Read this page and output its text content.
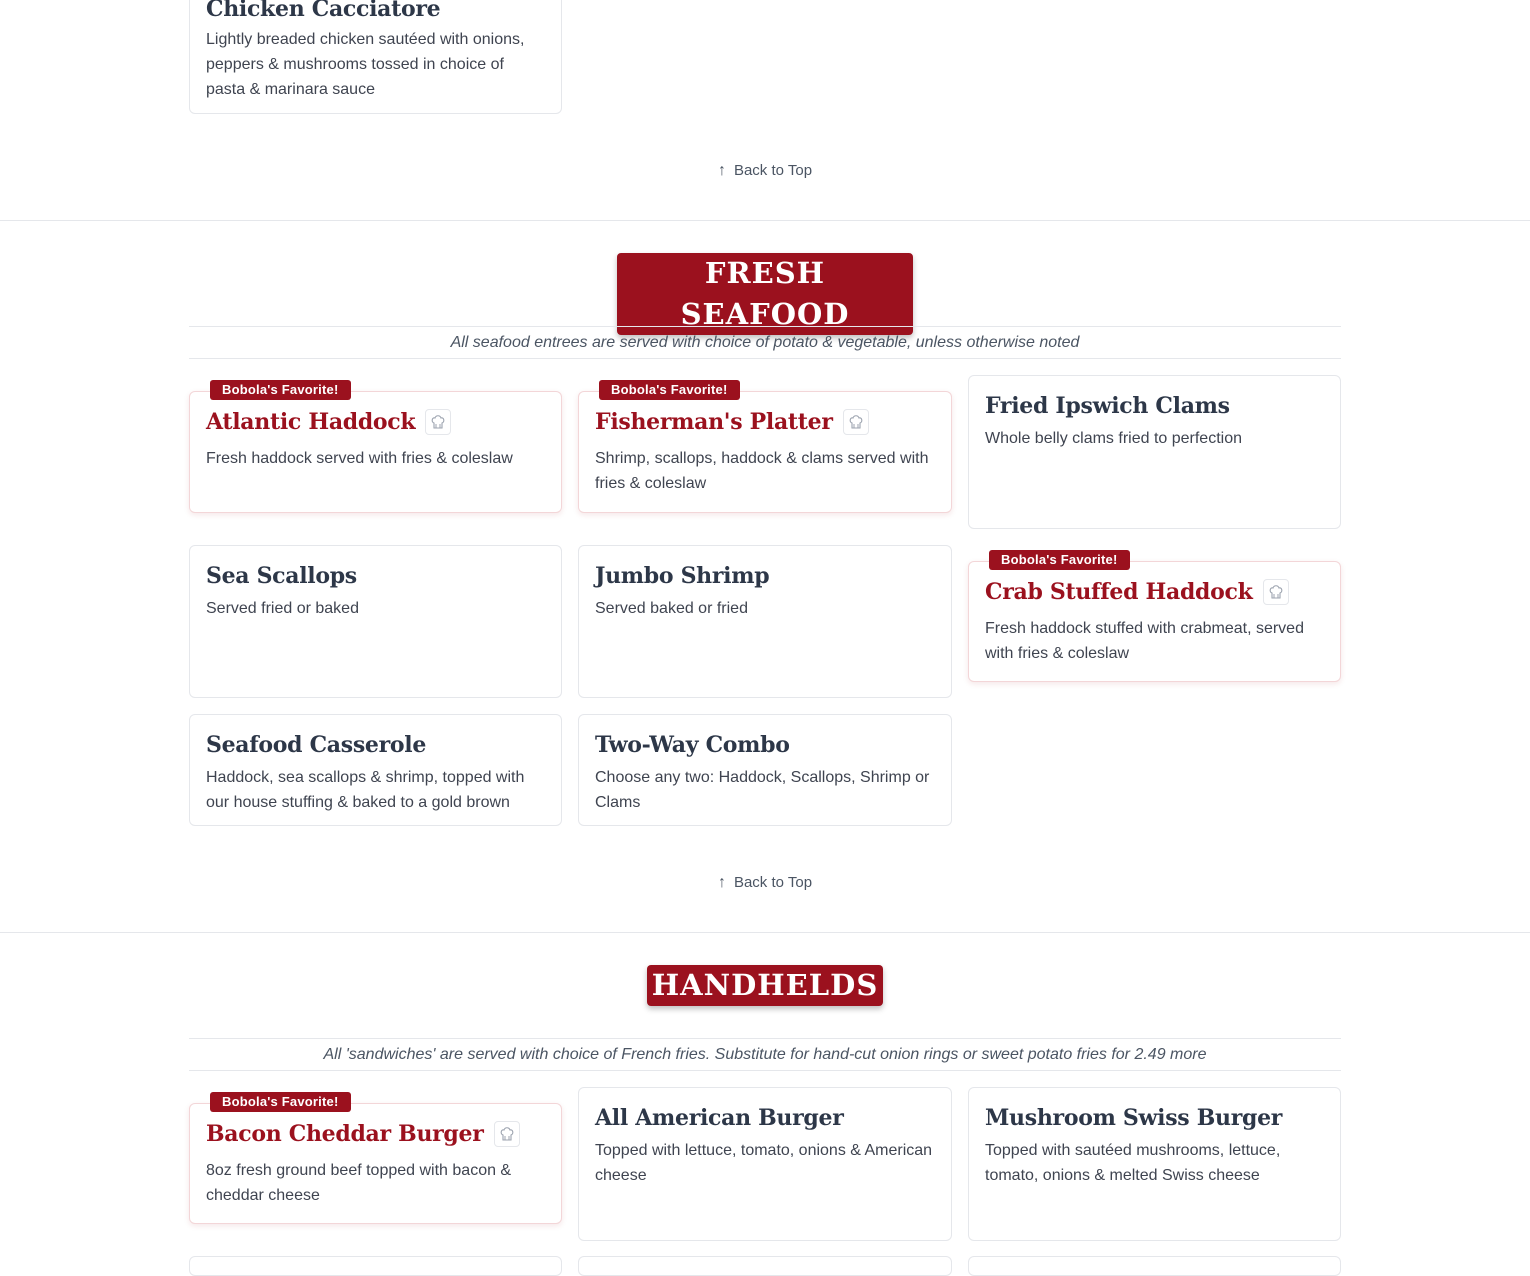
Chicken Cacciatore
Lightly breaded chicken sautéed with onions, peppers & mushrooms tossed in choice of pasta & marinara sauce
↑ Back to Top
FRESH SEAFOOD
All seafood entrees are served with choice of potato & vegetable, unless otherwise noted
Bobola's Favorite!
Atlantic Haddock
Fresh haddock served with fries & coleslaw
Bobola's Favorite!
Fisherman's Platter
Shrimp, scallops, haddock & clams served with fries & coleslaw
Fried Ipswich Clams
Whole belly clams fried to perfection
Sea Scallops
Served fried or baked
Jumbo Shrimp
Served baked or fried
Bobola's Favorite!
Crab Stuffed Haddock
Fresh haddock stuffed with crabmeat, served with fries & coleslaw
Seafood Casserole
Haddock, sea scallops & shrimp, topped with our house stuffing & baked to a gold brown
Two-Way Combo
Choose any two: Haddock, Scallops, Shrimp or Clams
↑ Back to Top
HANDHELDS
All 'sandwiches' are served with choice of French fries. Substitute for hand-cut onion rings or sweet potato fries for 2.49 more
Bobola's Favorite!
Bacon Cheddar Burger
8oz fresh ground beef topped with bacon & cheddar cheese
All American Burger
Topped with lettuce, tomato, onions & American cheese
Mushroom Swiss Burger
Topped with sautéed mushrooms, lettuce, tomato, onions & melted Swiss cheese
